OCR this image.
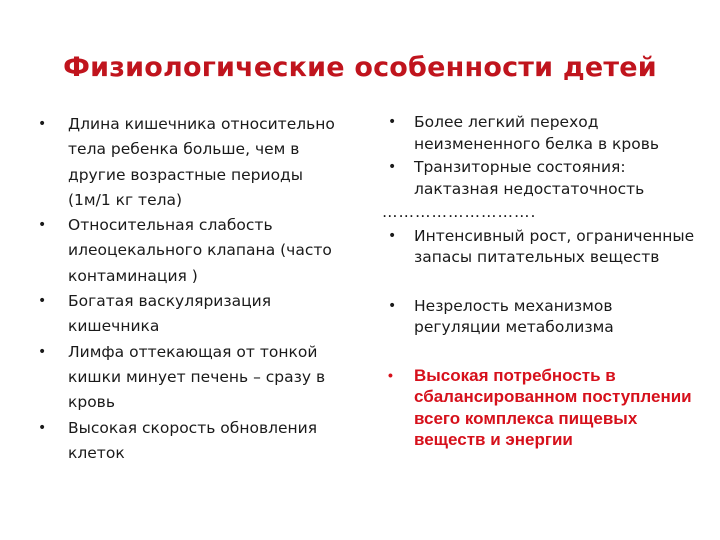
Физиологические особенности детей
• Длина кишечника относительно тела ребенка больше, чем в другие возрастные периоды (1м/1 кг тела)
• Относительная слабость илеоцекального клапана (часто контаминация )
• Богатая васкуляризация кишечника
• Лимфа оттекающая от тонкой кишки минует печень – сразу в кровь
• Высокая скорость обновления клеток
• Более легкий переход неизмененного белка в кровь
• Транзиторные состояния: лактазная недостаточность
……………………….
• Интенсивный рост, ограниченные запасы питательных веществ
• Незрелость механизмов регуляции метаболизма
• Высокая потребность в сбалансированном поступлении всего комплекса пищевых веществ и энергии
